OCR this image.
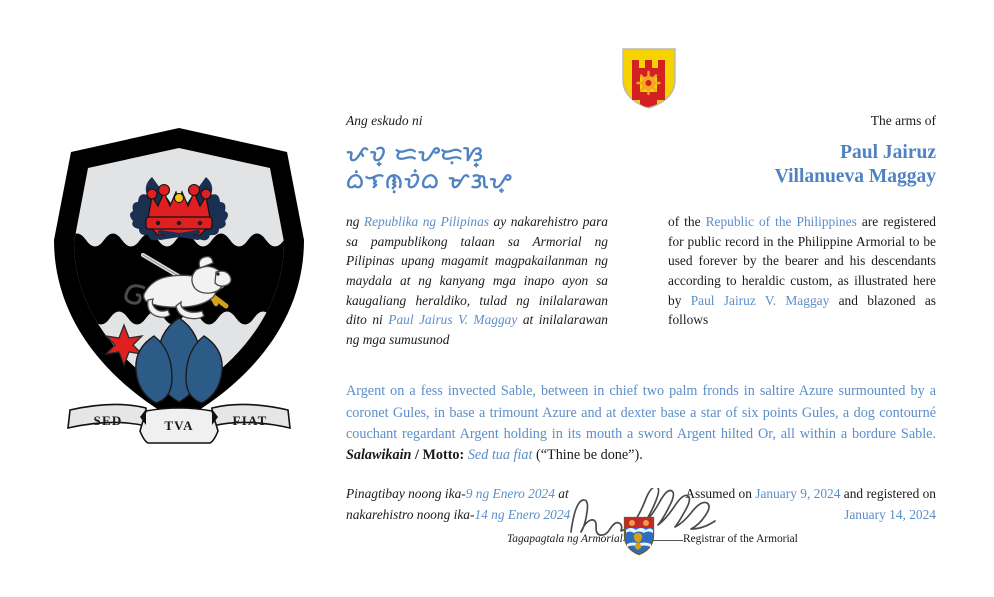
SED	TVA	FIAT
Ang eskudo ni
ᜉᜏ᜔ ᜇᜌᜇᜓᜐ᜔
ᜊᜒᜎᜈᜓᜏᜒᜊ ᜋᜄᜌ᜔
The arms of
Paul Jairuz
Villanueva Maggay

ng Republika ng Pilipinas ay nakarehistro para sa pampublikong talaan sa Armorial ng Pilipinas upang magamit magpakailanman ng maydala at ng kanyang mga inapo ayon sa kaugaliang heraldiko, tulad ng inilalarawan dito ni Paul Jairus V. Maggay at inilalarawan ng mga sumusunod

of the Republic of the Philippines are registered for public record in the Philippine Armorial to be used forever by the bearer and his descendants according to heraldic custom, as illustrated here by Paul Jairuz V. Maggay and blazoned as follows

Argent on a fess invected Sable, between in chief two palm fronds in saltire Azure surmounted by a coronet Gules, in base a trimount Azure and at dexter base a star of six points Gules, a dog contourné couchant regardant Argent holding in its mouth a sword Argent hilted Or, all within a bordure Sable. Salawikain / Motto: Sed tua fiat (“Thine be done”).

Pinagtibay noong ika-9 ng Enero 2024 at nakarehistro noong ika-14 ng Enero 2024
Assumed on January 9, 2024 and registered on January 14, 2024
Tagapagtala ng Armorial	Registrar of the Armorial
